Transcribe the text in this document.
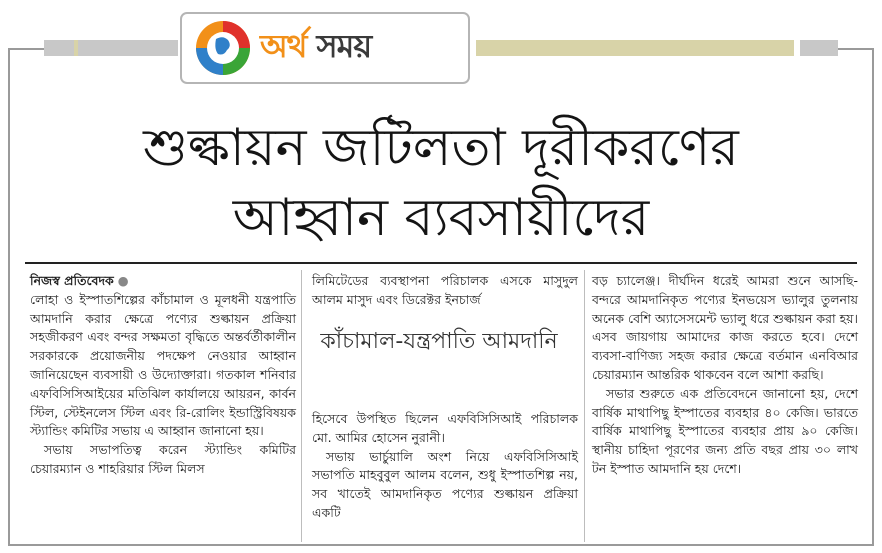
অর্থ সময়
শুল্কায়ন জটিলতা দূরীকরণের
আহ্বান ব্যবসায়ীদের

নিজস্ব প্রতিবেদক ●

লোহা ও ইস্পাতশিল্পের কাঁচামাল ও মূলধনী যন্ত্রপাতি আমদানি করার ক্ষেত্রে পণ্যের শুল্কায়ন প্রক্রিয়া সহজীকরণ এবং বন্দর সক্ষমতা বৃদ্ধিতে অন্তর্বর্তীকালীন সরকারকে প্রয়োজনীয় পদক্ষেপ নেওয়ার আহ্বান জানিয়েছেন ব্যবসায়ী ও উদ্যোক্তারা। গতকাল শনিবার এফবিসিসিআইয়ের মতিঝিল কার্যালয়ে আয়রন, কার্বন স্টিল, স্টেইনলেস স্টিল এবং রি-রোলিং ইন্ডাস্ট্রিবিষয়ক স্ট্যান্ডিং কমিটির সভায় এ আহ্বান জানানো হয়।

সভায় সভাপতিত্ব করেন স্ট্যান্ডিং কমিটির চেয়ারম্যান ও শাহরিয়ার স্টিল মিলস

লিমিটেডের ব্যবস্থাপনা পরিচালক এসকে মাসুদুল আলম মাসুদ এবং ডিরেক্টর ইনচার্জ

কাঁচামাল-যন্ত্রপাতি আমদানি

হিসেবে উপস্থিত ছিলেন এফবিসিসিআই পরিচালক মো. আমির হোসেন নুরানী।

সভায় ভার্চুয়ালি অংশ নিয়ে এফবিসিসিআই সভাপতি মাহবুবুল আলম বলেন, শুধু ইস্পাতশিল্প নয়, সব খাতেই আমদানিকৃত পণ্যের শুল্কায়ন প্রক্রিয়া একটি

বড় চ্যালেঞ্জ। দীর্ঘদিন ধরেই আমরা শুনে আসছি- বন্দরে আমদানিকৃত পণ্যের ইনভয়েস ভ্যালুর তুলনায় অনেক বেশি অ্যাসেসমেন্ট ভ্যালু ধরে শুল্কায়ন করা হয়। এসব জায়গায় আমাদের কাজ করতে হবে। দেশে ব্যবসা-বাণিজ্য সহজ করার ক্ষেত্রে বর্তমান এনবিআর চেয়ারম্যান আন্তরিক থাকবেন বলে আশা করছি।

সভার শুরুতে এক প্রতিবেদনে জানানো হয়, দেশে বার্ষিক মাথাপিছু ইস্পাতের ব্যবহার ৪০ কেজি। ভারতে বার্ষিক মাথাপিছু ইস্পাতের ব্যবহার প্রায় ৯০ কেজি। স্থানীয় চাহিদা পূরণের জন্য প্রতি বছর প্রায় ৩০ লাখ টন ইস্পাত আমদানি হয় দেশে।
